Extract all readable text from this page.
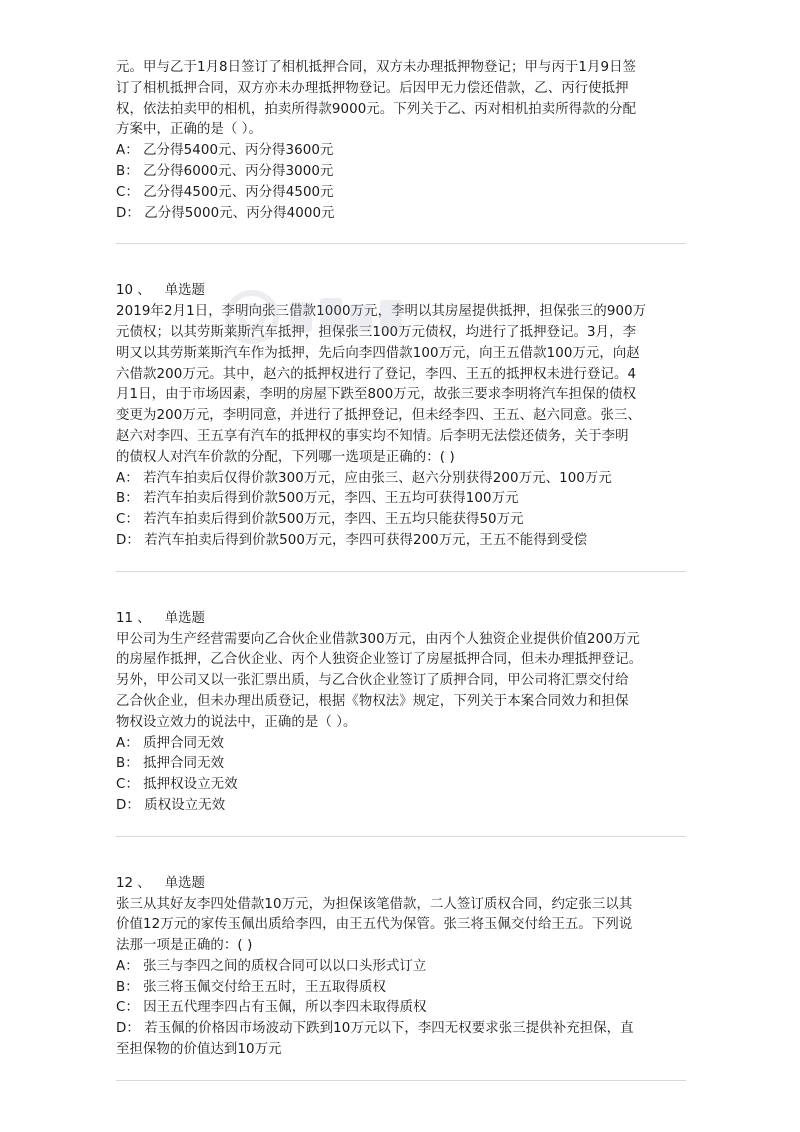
元。甲与乙于1月8日签订了相机抵押合同，双方未办理抵押物登记；甲与丙于1月9日签
订了相机抵押合同，双方亦未办理抵押物登记。后因甲无力偿还借款，乙、丙行使抵押
权，依法拍卖甲的相机，拍卖所得款9000元。下列关于乙、丙对相机拍卖所得款的分配
方案中，正确的是（ ）。
A： 乙分得5400元、丙分得3600元
B： 乙分得6000元、丙分得3000元
C： 乙分得4500元、丙分得4500元
D： 乙分得5000元、丙分得4000元
10 、 单选题
2019年2月1日，李明向张三借款1000万元，李明以其房屋提供抵押，担保张三的900万
元债权；以其劳斯莱斯汽车抵押，担保张三100万元债权，均进行了抵押登记。3月，李
明又以其劳斯莱斯汽车作为抵押，先后向李四借款100万元，向王五借款100万元，向赵
六借款200万元。其中，赵六的抵押权进行了登记，李四、王五的抵押权未进行登记。4
月1日，由于市场因素，李明的房屋下跌至800万元，故张三要求李明将汽车担保的债权
变更为200万元，李明同意，并进行了抵押登记，但未经李四、王五、赵六同意。张三、
赵六对李四、王五享有汽车的抵押权的事实均不知情。后李明无法偿还债务，关于李明
的债权人对汽车价款的分配，下列哪一选项是正确的：( )
A： 若汽车拍卖后仅得价款300万元，应由张三、赵六分别获得200万元、100万元
B： 若汽车拍卖后得到价款500万元，李四、王五均可获得100万元
C： 若汽车拍卖后得到价款500万元，李四、王五均只能获得50万元
D： 若汽车拍卖后得到价款500万元，李四可获得200万元，王五不能得到受偿
11 、 单选题
甲公司为生产经营需要向乙合伙企业借款300万元，由丙个人独资企业提供价值200万元
的房屋作抵押，乙合伙企业、丙个人独资企业签订了房屋抵押合同，但未办理抵押登记。
另外，甲公司又以一张汇票出质，与乙合伙企业签订了质押合同，甲公司将汇票交付给
乙合伙企业，但未办理出质登记，根据《物权法》规定，下列关于本案合同效力和担保
物权设立效力的说法中，正确的是（ ）。
A： 质押合同无效
B： 抵押合同无效
C： 抵押权设立无效
D： 质权设立无效
12 、 单选题
张三从其好友李四处借款10万元，为担保该笔借款，二人签订质权合同，约定张三以其
价值12万元的家传玉佩出质给李四，由王五代为保管。张三将玉佩交付给王五。下列说
法那一项是正确的：( )
A： 张三与李四之间的质权合同可以以口头形式订立
B： 张三将玉佩交付给王五时，王五取得质权
C： 因王五代理李四占有玉佩，所以李四未取得质权
D： 若玉佩的价格因市场波动下跌到10万元以下，李四无权要求张三提供补充担保，直
至担保物的价值达到10万元
